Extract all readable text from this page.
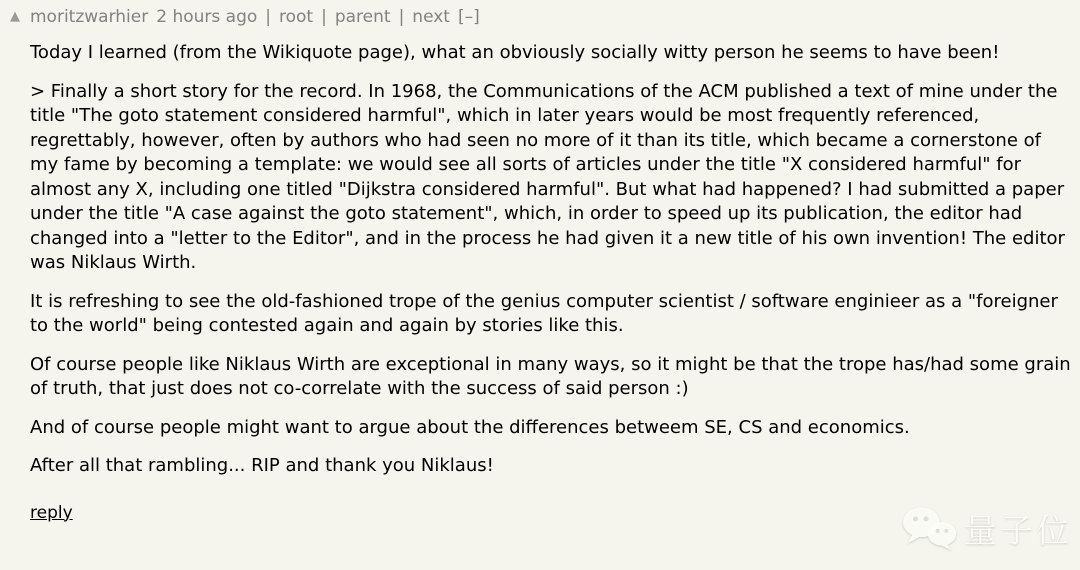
▲ moritzwarhier 2 hours ago | root | parent | next [–]

Today I learned (from the Wikiquote page), what an obviously socially witty person he seems to have been!

> Finally a short story for the record. In 1968, the Communications of the ACM published a text of mine under the title "The goto statement considered harmful", which in later years would be most frequently referenced, regrettably, however, often by authors who had seen no more of it than its title, which became a cornerstone of my fame by becoming a template: we would see all sorts of articles under the title "X considered harmful" for almost any X, including one titled "Dijkstra considered harmful". But what had happened? I had submitted a paper under the title "A case against the goto statement", which, in order to speed up its publication, the editor had changed into a "letter to the Editor", and in the process he had given it a new title of his own invention! The editor was Niklaus Wirth.

It is refreshing to see the old-fashioned trope of the genius computer scientist / software enginieer as a "foreigner to the world" being contested again and again by stories like this.

Of course people like Niklaus Wirth are exceptional in many ways, so it might be that the trope has/had some grain of truth, that just does not co-correlate with the success of said person :)

And of course people might want to argue about the differences betweem SE, CS and economics.

After all that rambling... RIP and thank you Niklaus!

reply	量子位
